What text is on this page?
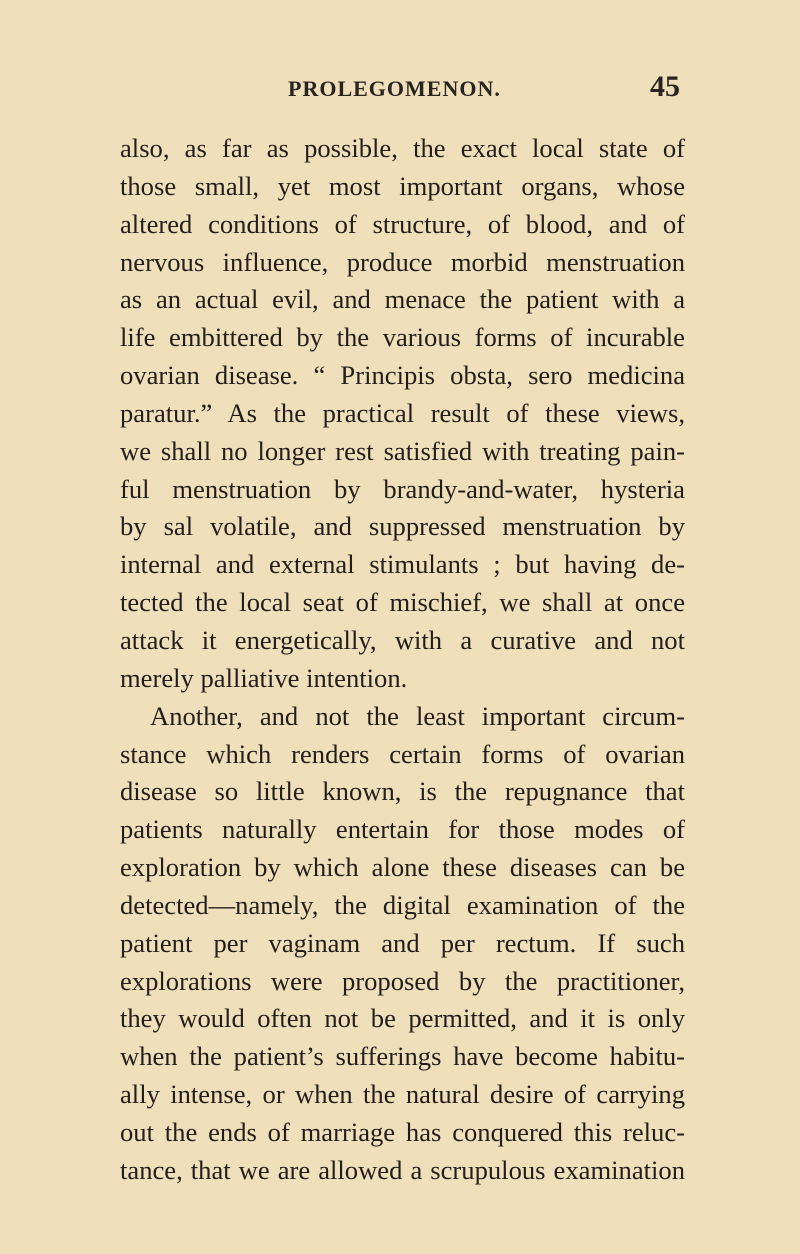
PROLEGOMENON.	45
also, as far as possible, the exact local state of
those small, yet most important organs, whose
altered conditions of structure, of blood, and of
nervous influence, produce morbid menstruation
as an actual evil, and menace the patient with a
life embittered by the various forms of incurable
ovarian disease. “ Principis obsta, sero medicina
paratur.” As the practical result of these views,
we shall no longer rest satisfied with treating pain-
ful menstruation by brandy-and-water, hysteria
by sal volatile, and suppressed menstruation by
internal and external stimulants ; but having de-
tected the local seat of mischief, we shall at once
attack it energetically, with a curative and not
merely palliative intention.
Another, and not the least important circum-
stance which renders certain forms of ovarian
disease so little known, is the repugnance that
patients naturally entertain for those modes of
exploration by which alone these diseases can be
detected—namely, the digital examination of the
patient per vaginam and per rectum. If such
explorations were proposed by the practitioner,
they would often not be permitted, and it is only
when the patient’s sufferings have become habitu-
ally intense, or when the natural desire of carrying
out the ends of marriage has conquered this reluc-
tance, that we are allowed a scrupulous examination
